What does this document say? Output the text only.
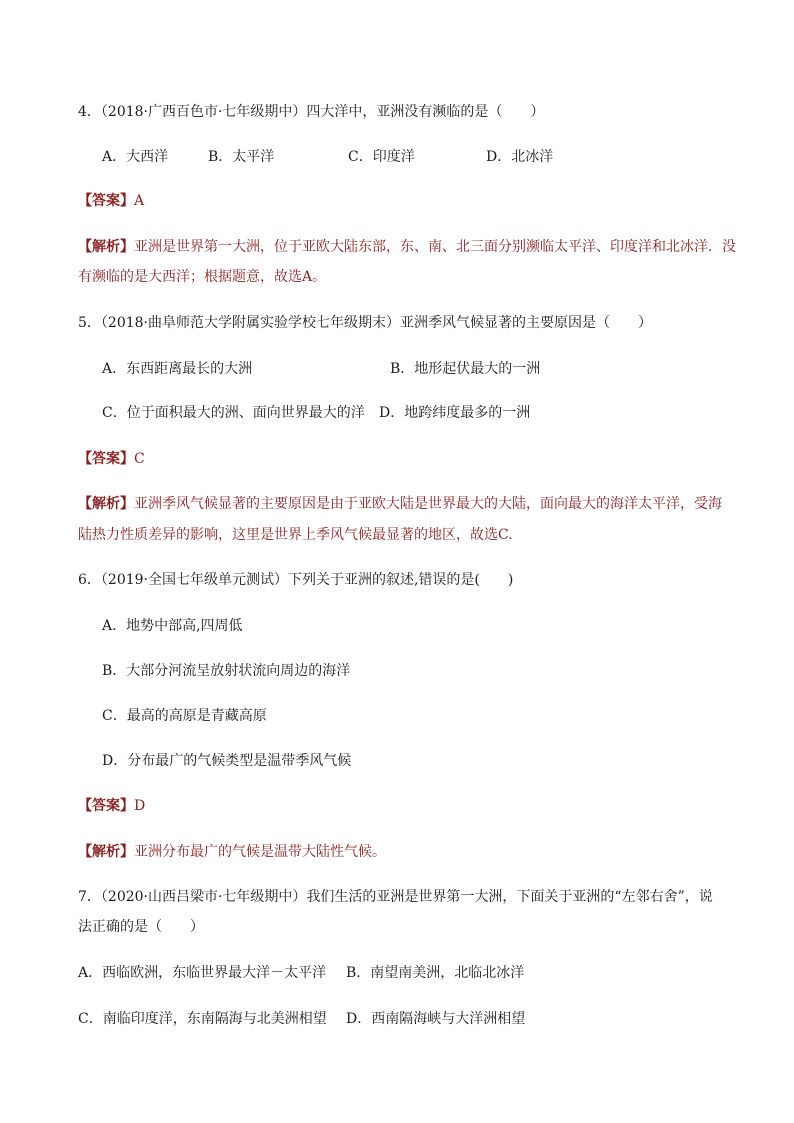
4．（2018·广西百色市·七年级期中）四大洋中，亚洲没有濒临的是（　　）
A．大西洋	B．太平洋	C．印度洋	D．北冰洋
【答案】A
【解析】亚洲是世界第一大洲，位于亚欧大陆东部，东、南、北三面分别濒临太平洋、印度洋和北冰洋．没
有濒临的是大西洋；根据题意，故选A。
5．（2018·曲阜师范大学附属实验学校七年级期末）亚洲季风气候显著的主要原因是（　　）
A．东西距离最长的大洲	B．地形起伏最大的一洲
C．位于面积最大的洲、面向世界最大的洋 D．地跨纬度最多的一洲
【答案】C
【解析】亚洲季风气候显著的主要原因是由于亚欧大陆是世界最大的大陆，面向最大的海洋太平洋，受海
陆热力性质差异的影响，这里是世界上季风气候最显著的地区，故选C.
6．（2019·全国七年级单元测试）下列关于亚洲的叙述,错误的是(　　)
A．地势中部高,四周低
B．大部分河流呈放射状流向周边的海洋
C．最高的高原是青藏高原
D．分布最广的气候类型是温带季风气候
【答案】D
【解析】亚洲分布最广的气候是温带大陆性气候。
7．（2020·山西吕梁市·七年级期中）我们生活的亚洲是世界第一大洲，下面关于亚洲的“左邻右舍”，说
法正确的是（　　）
A．西临欧洲，东临世界最大洋－太平洋 B．南望南美洲，北临北冰洋
C．南临印度洋，东南隔海与北美洲相望 D．西南隔海峡与大洋洲相望
